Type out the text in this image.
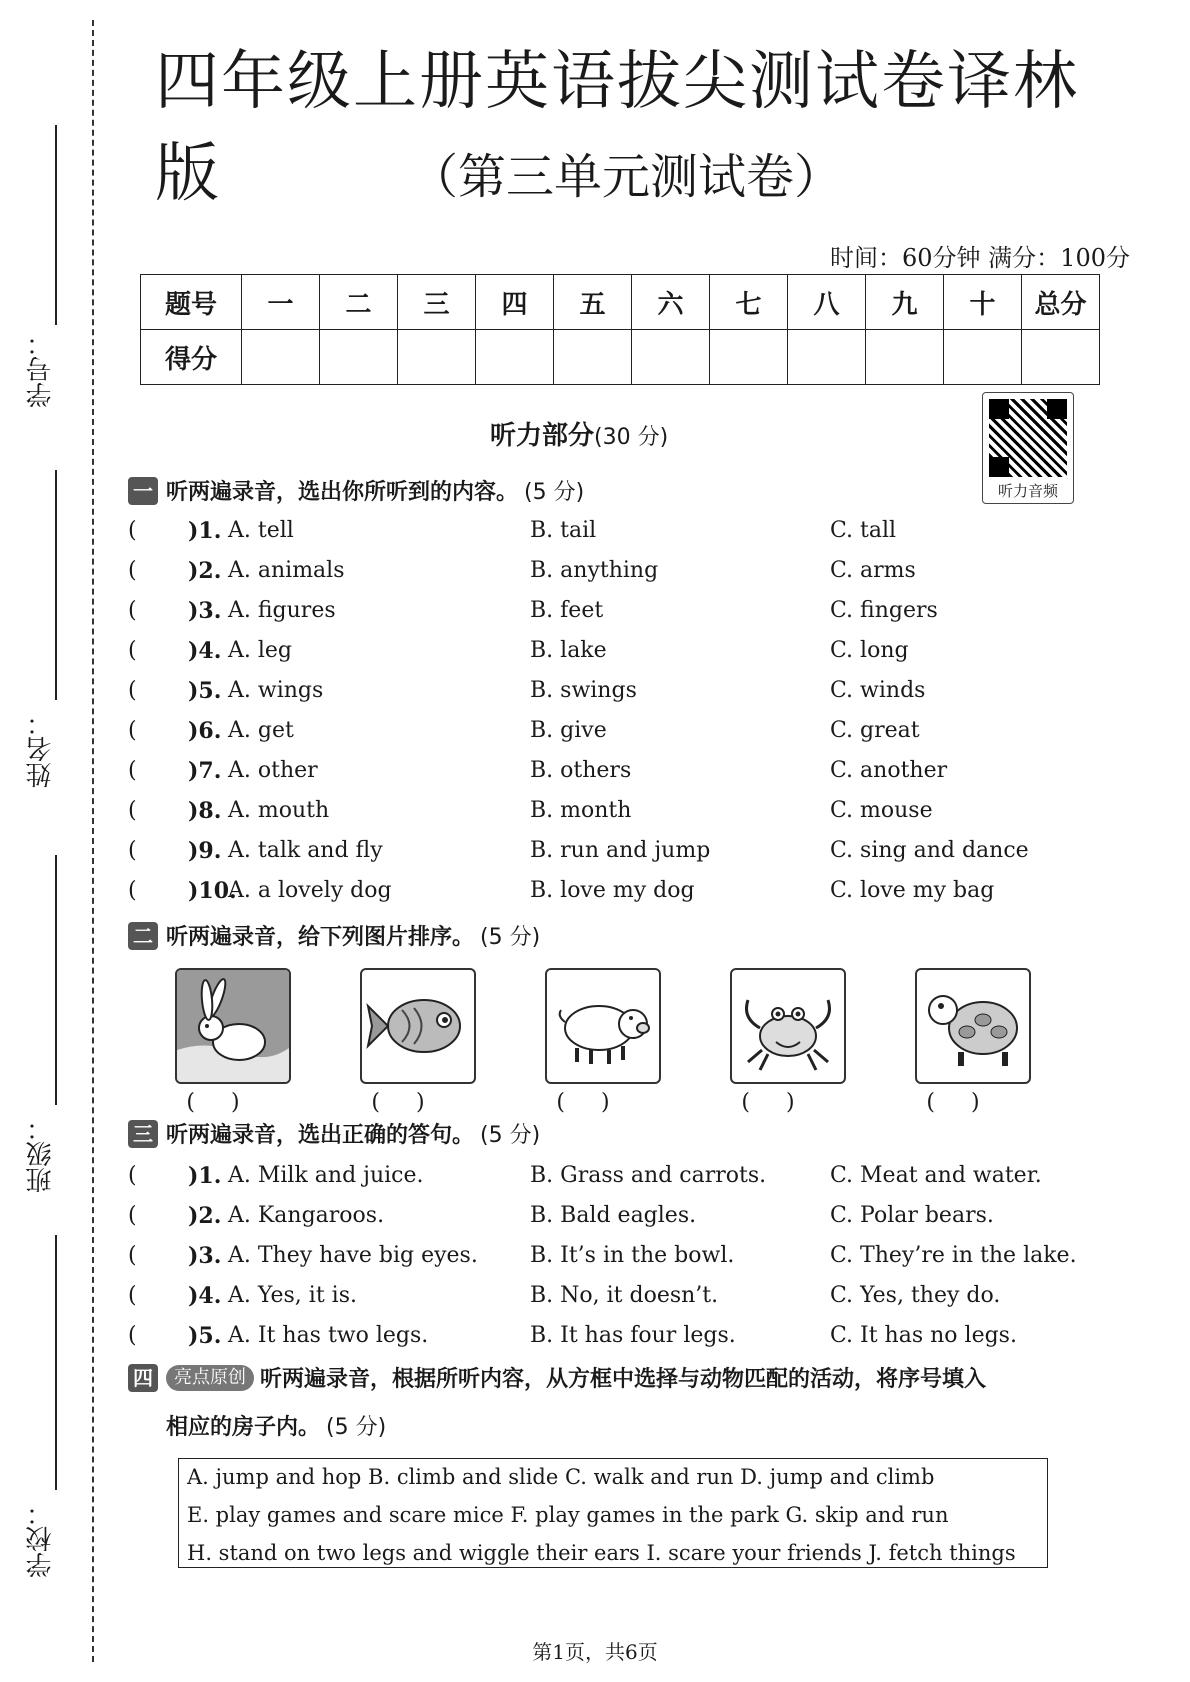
学号：
姓名：
班级：
学校：
四年级上册英语拔尖测试卷译林版	（第三单元测试卷）
时间：60分钟 满分：100分
题号	一	二	三	四	五	六	七	八	九	十	总分
得分											
听力部分(30 分)
听力音频
一 听两遍录音，选出你所听到的内容。 (5 分)
( )1. A. tell	B. tail	C. tall
( )2. A. animals	B. anything	C. arms
( )3. A. figures	B. feet	C. fingers
( )4. A. leg	B. lake	C. long
( )5. A. wings	B. swings	C. winds
( )6. A. get	B. give	C. great
( )7. A. other	B. others	C. another
( )8. A. mouth	B. month	C. mouse
( )9. A. talk and fly	B. run and jump	C. sing and dance
( )10.
A. a lovely dog	B. love my dog	C. love my bag
二 听两遍录音，给下列图片排序。 (5 分)
()	()	()	()	()
三 听两遍录音，选出正确的答句。 (5 分)
( )1. A. Milk and juice.	B. Grass and carrots.	C. Meat and water.
( )2. A. Kangaroos.	B. Bald eagles.	C. Polar bears.
( )3. A. They have big eyes. B. It’s in the bowl.	C. They’re in the lake.
( )4. A. Yes, it is.	B. No, it doesn’t.	C. Yes, they do.
( )5. A. It has two legs.	B. It has four legs.	C. It has no legs.
四	亮点原创 听两遍录音，根据所听内容，从方框中选择与动物匹配的活动，将序号填入
相应的房子内。 (5 分)
A. jump and hop B. climb and slide C. walk and run D. jump and climb
E. play games and scare mice F. play games in the park G. skip and run
H. stand on two legs and wiggle their ears I. scare your friends J. fetch things
第1页，共6页
